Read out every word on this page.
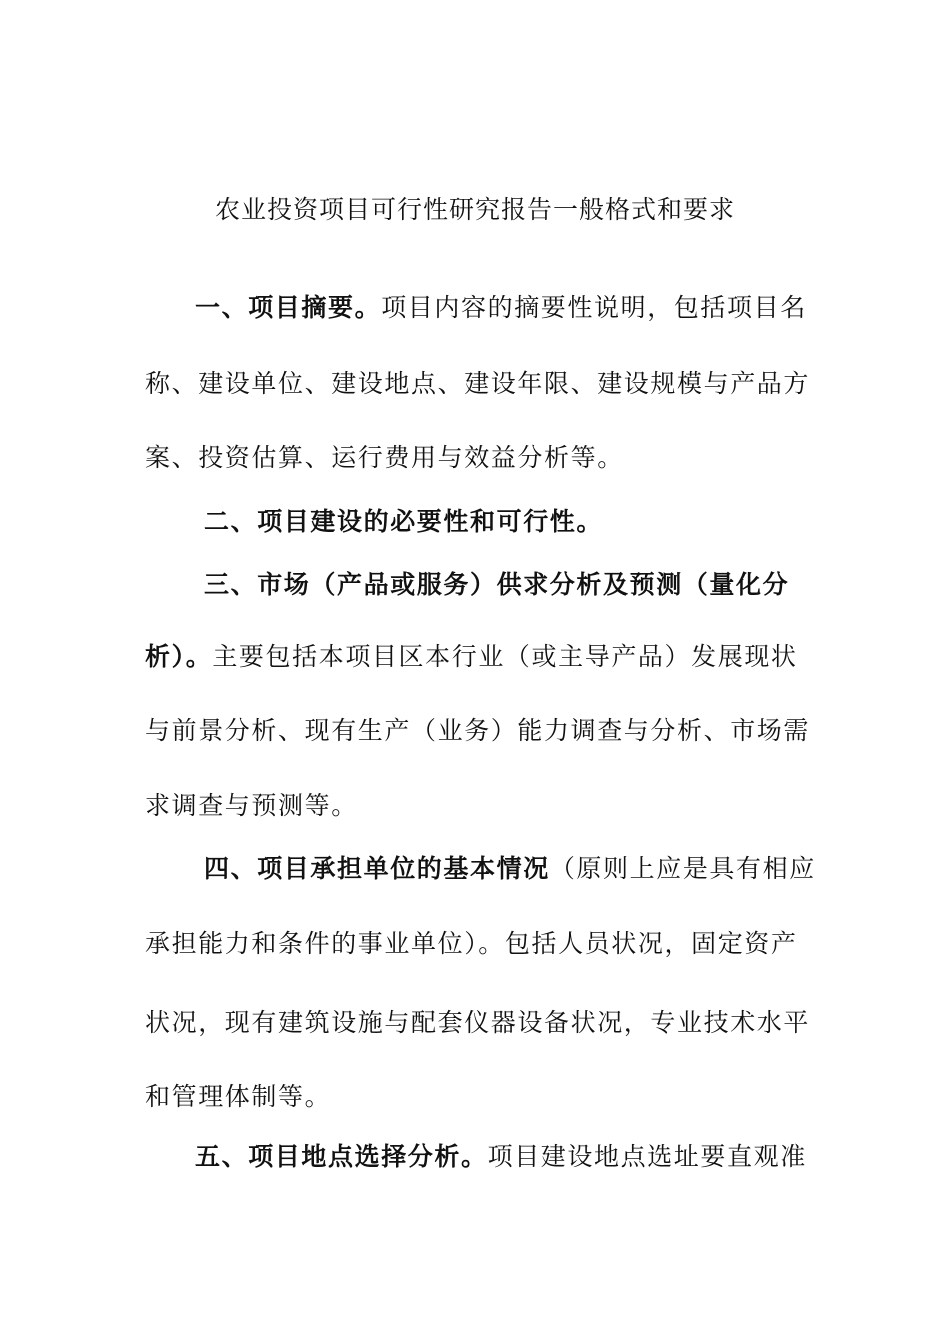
农业投资项目可行性研究报告一般格式和要求
一、项目摘要。项目内容的摘要性说明，包括项目名
称、建设单位、建设地点、建设年限、建设规模与产品方
案、投资估算、运行费用与效益分析等。
二、项目建设的必要性和可行性。
三、市场（产品或服务）供求分析及预测（量化分
析）。主要包括本项目区本行业（或主导产品）发展现状
与前景分析、现有生产（业务）能力调查与分析、市场需
求调查与预测等。
四、项目承担单位的基本情况（原则上应是具有相应
承担能力和条件的事业单位）。包括人员状况，固定资产
状况，现有建筑设施与配套仪器设备状况，专业技术水平
和管理体制等。
五、项目地点选择分析。项目建设地点选址要直观准
